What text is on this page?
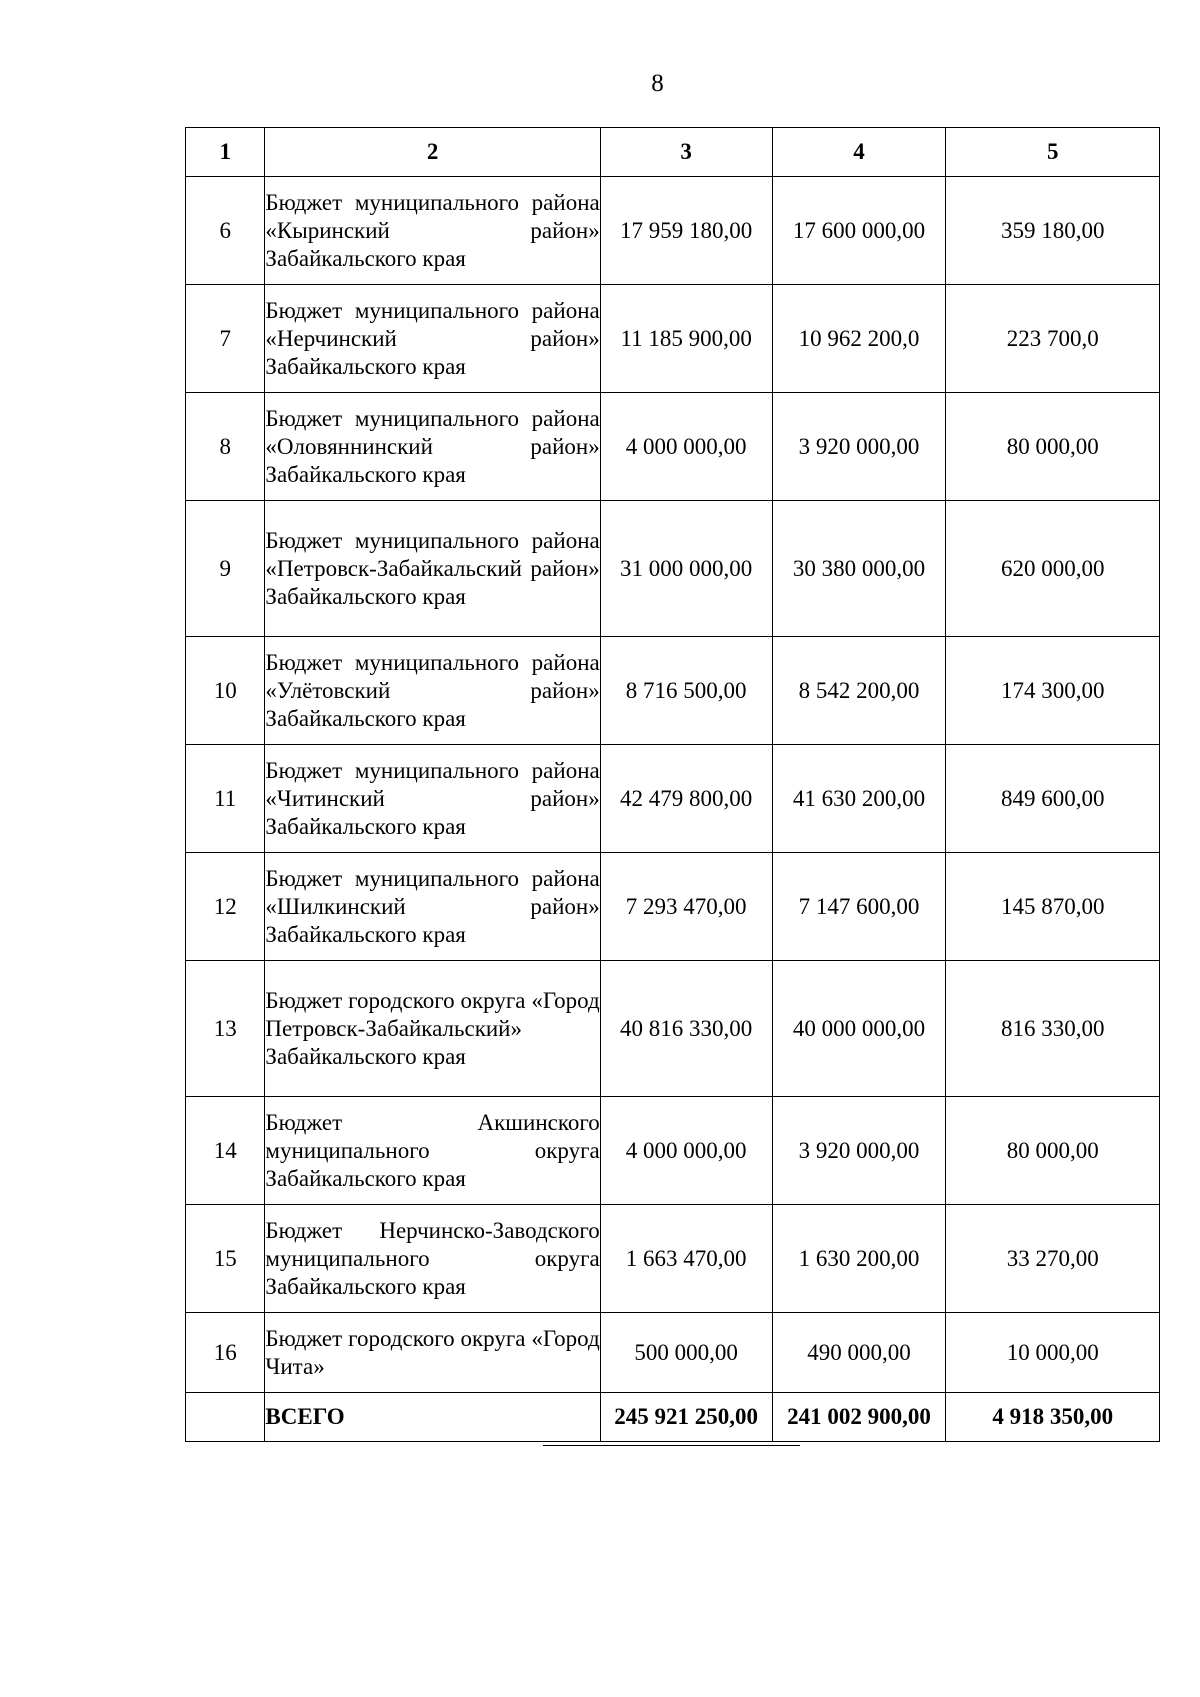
8
1	2	3	4	5
6	Бюджет муниципального района «Кыринский район» Забайкальского края	17 959 180,00	17 600 000,00	359 180,00
7	Бюджет муниципального района «Нерчинский район» Забайкальского края	11 185 900,00	10 962 200,0	223 700,0
8	Бюджет муниципального района «Оловяннинский район» Забайкальского края	4 000 000,00	3 920 000,00	80 000,00
9	Бюджет муниципального района «Петровск-Забайкальский район» Забайкальского края	31 000 000,00	30 380 000,00	620 000,00
10	Бюджет муниципального района «Улётовский район» Забайкальского края	8 716 500,00	8 542 200,00	174 300,00
11	Бюджет муниципального района «Читинский район» Забайкальского края	42 479 800,00	41 630 200,00	849 600,00
12	Бюджет муниципального района «Шилкинский район» Забайкальского края	7 293 470,00	7 147 600,00	145 870,00
13	Бюджет городского округа «Город Петровск-Забайкальский» Забайкальского края	40 816 330,00	40 000 000,00	816 330,00
14	Бюджет Акшинского муниципального округа Забайкальского края	4 000 000,00	3 920 000,00	80 000,00
15	Бюджет Нерчинско-Заводского муниципального округа Забайкальского края	1 663 470,00	1 630 200,00	33 270,00
16	Бюджет городского округа «Город Чита»	500 000,00	490 000,00	10 000,00
	ВСЕГО	245 921 250,00	241 002 900,00	4 918 350,00
